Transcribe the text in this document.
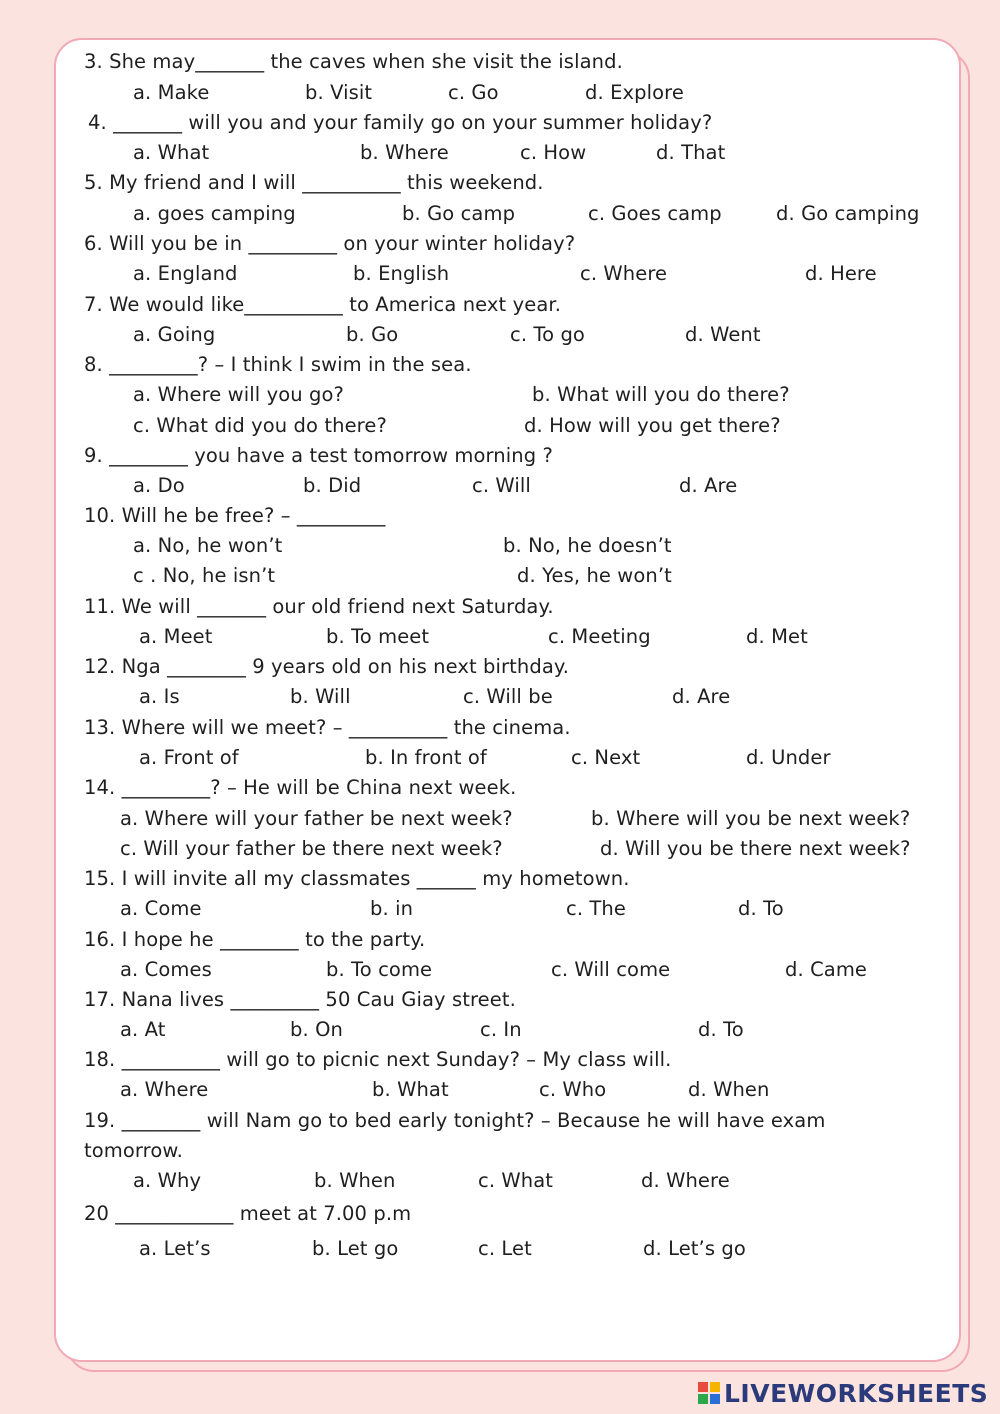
3. She may_______ the caves when she visit the island.
a. Make	b. Visit	c. Go	d. Explore
4. _______ will you and your family go on your summer holiday?
a. What	b. Where	c. How	d. That
5. My friend and I will __________ this weekend.
a. goes camping	b. Go camp	c. Goes camp	d. Go camping
6. Will you be in _________ on your winter holiday?
a. England	b. English	c. Where	d. Here
7. We would like__________ to America next year.
a. Going	b. Go	c. To go	d. Went
8. _________? – I think I swim in the sea.
a. Where will you go?	b. What will you do there?
c. What did you do there?	d. How will you get there?
9. ________ you have a test tomorrow morning ?
a. Do	b. Did	c. Will	d. Are
10. Will he be free? – _________
a. No, he won’t	b. No, he doesn’t
c . No, he isn’t	d. Yes, he won’t
11. We will _______ our old friend next Saturday.
a. Meet	b. To meet	c. Meeting	d. Met
12. Nga ________ 9 years old on his next birthday.
a. Is	b. Will	c. Will be	d. Are
13. Where will we meet? – __________ the cinema.
a. Front of	b. In front of	c. Next	d. Under
14. _________? – He will be China next week.
a. Where will your father be next week?	b. Where will you be next week?
c. Will your father be there next week?	d. Will you be there next week?
15. I will invite all my classmates ______ my hometown.
a. Come	b. in	c. The	d. To
16. I hope he ________ to the party.
a. Comes	b. To come	c. Will come	d. Came
17. Nana lives _________ 50 Cau Giay street.
a. At	b. On	c. In	d. To
18. __________ will go to picnic next Sunday? – My class will.
a. Where	b. What	c. Who	d. When
19. ________ will Nam go to bed early tonight? – Because he will have exam
tomorrow.
a. Why	b. When	c. What	d. Where
20 ____________ meet at 7.00 p.m
a. Let’s	b. Let go	c. Let	d. Let’s go
LIVEWORKSHEETS
